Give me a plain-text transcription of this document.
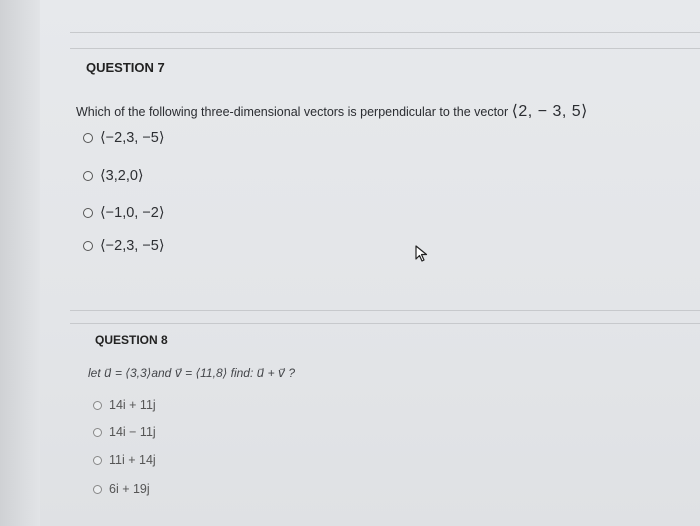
QUESTION 7
Which of the following three-dimensional vectors is perpendicular to the vector ⟨2, − 3, 5⟩
⟨−2,3, −5⟩
⟨3,2,0⟩
⟨−1,0, −2⟩
⟨−2,3, −5⟩
QUESTION 8
let u⃗ = ⟨3,3⟩and v⃗ = ⟨11,8⟩ find: u⃗ + v⃗ ?
14i + 11j
14i − 11j
11i + 14j
6i + 19j
